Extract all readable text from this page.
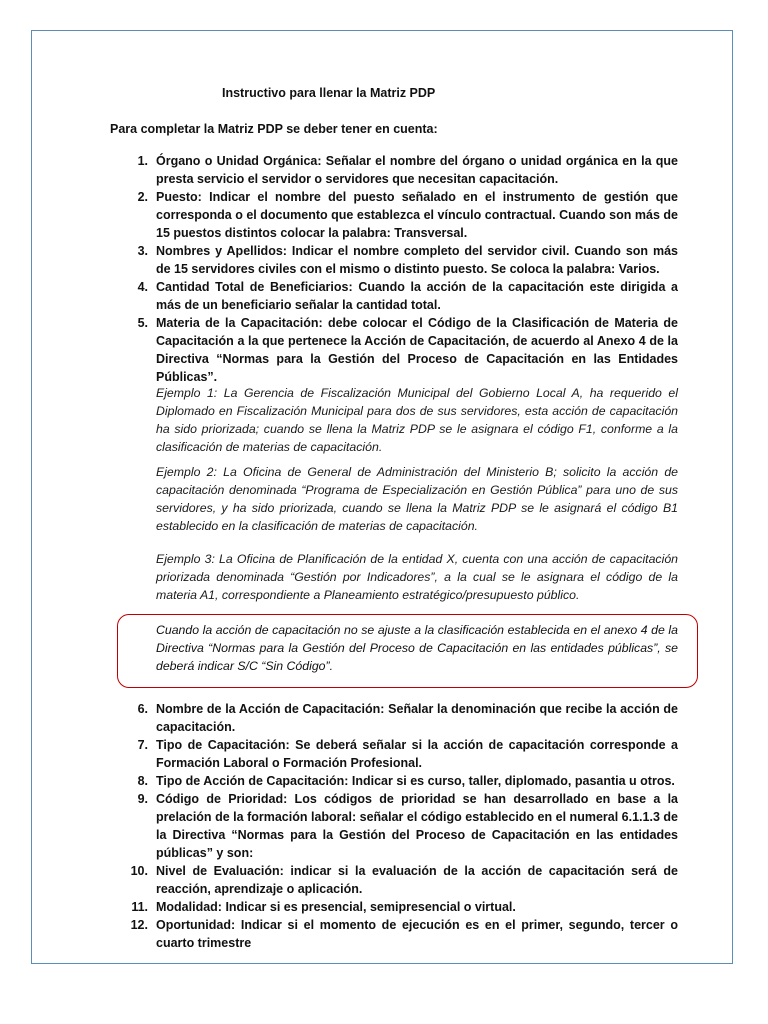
Instructivo para llenar la Matriz PDP
Para completar la Matriz PDP se deber tener en cuenta:

1. Órgano o Unidad Orgánica: Señalar el nombre del órgano o unidad orgánica en la que presta servicio el servidor o servidores que necesitan capacitación.

2. Puesto: Indicar el nombre del puesto señalado en el instrumento de gestión que corresponda o el documento que establezca el vínculo contractual. Cuando son más de 15 puestos distintos colocar la palabra: Transversal.

3. Nombres y Apellidos: Indicar el nombre completo del servidor civil. Cuando son más de 15 servidores civiles con el mismo o distinto puesto. Se coloca la palabra: Varios.

4. Cantidad Total de Beneficiarios: Cuando la acción de la capacitación este dirigida a más de un beneficiario señalar la cantidad total.

5. Materia de la Capacitación: debe colocar el Código de la Clasificación de Materia de Capacitación a la que pertenece la Acción de Capacitación, de acuerdo al Anexo 4 de la Directiva “Normas para la Gestión del Proceso de Capacitación en las Entidades Públicas”.

Ejemplo 1: La Gerencia de Fiscalización Municipal del Gobierno Local A, ha requerido el Diplomado en Fiscalización Municipal para dos de sus servidores, esta acción de capacitación ha sido priorizada; cuando se llena la Matriz PDP se le asignara el código F1, conforme a la clasificación de materias de capacitación.

Ejemplo 2: La Oficina de General de Administración del Ministerio B; solicito la acción de capacitación denominada “Programa de Especialización en Gestión Pública” para uno de sus servidores, y ha sido priorizada, cuando se llena la Matriz PDP se le asignará el código B1 establecido en la clasificación de materias de capacitación.

Ejemplo 3: La Oficina de Planificación de la entidad X, cuenta con una acción de capacitación priorizada denominada “Gestión por Indicadores”, a la cual se le asignara el código de la materia A1, correspondiente a Planeamiento estratégico/presupuesto público.

Cuando la acción de capacitación no se ajuste a la clasificación establecida en el anexo 4 de la Directiva “Normas para la Gestión del Proceso de Capacitación en las entidades públicas”, se deberá indicar S/C “Sin Código”.

6. Nombre de la Acción de Capacitación: Señalar la denominación que recibe la acción de capacitación.

7. Tipo de Capacitación: Se deberá señalar si la acción de capacitación corresponde a Formación Laboral o Formación Profesional.

8. Tipo de Acción de Capacitación: Indicar si es curso, taller, diplomado, pasantia u otros.

9. Código de Prioridad: Los códigos de prioridad se han desarrollado en base a la prelación de la formación laboral: señalar el código establecido en el numeral 6.1.1.3 de la Directiva “Normas para la Gestión del Proceso de Capacitación en las entidades públicas” y son:

10. Nivel de Evaluación: indicar si la evaluación de la acción de capacitación será de reacción, aprendizaje o aplicación.

11. Modalidad: Indicar si es presencial, semipresencial o virtual.

12. Oportunidad: Indicar si el momento de ejecución es en el primer, segundo, tercer o cuarto trimestre
